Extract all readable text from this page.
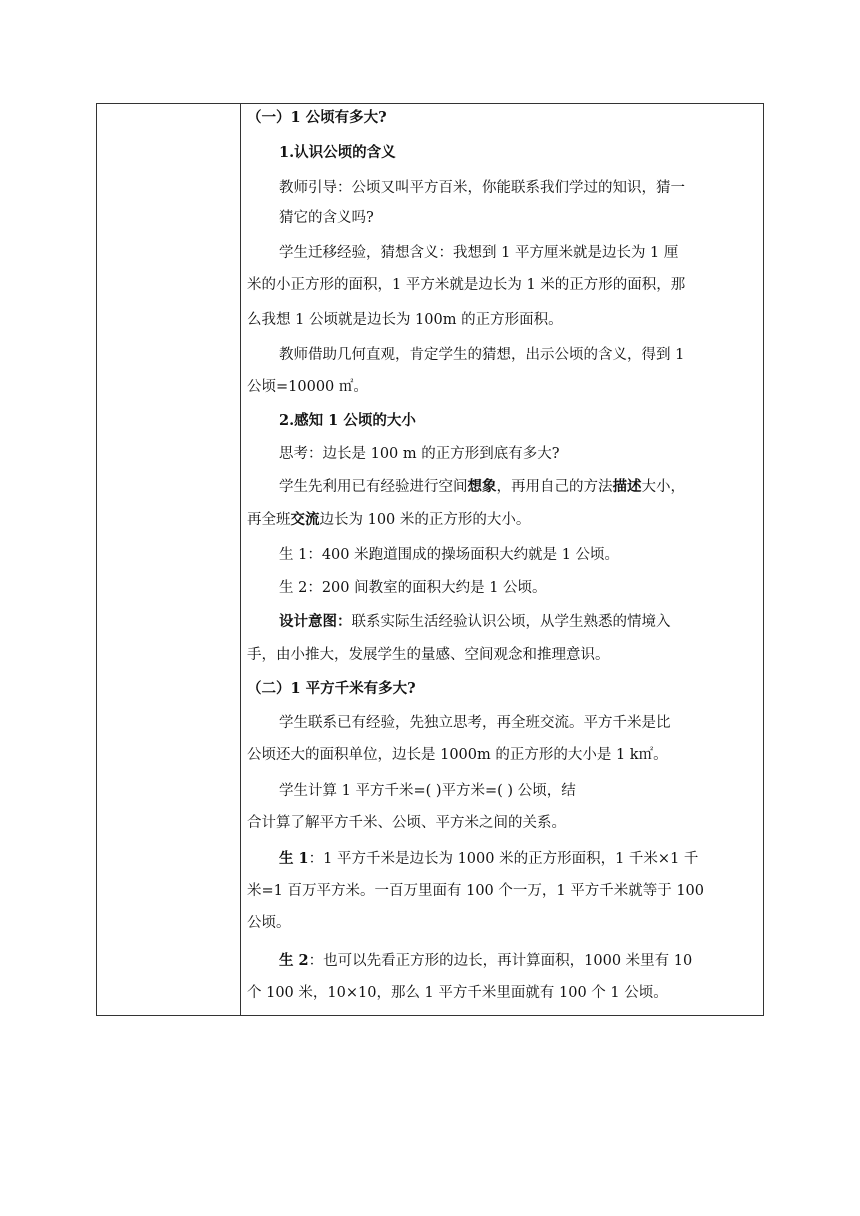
（一）1 公顷有多大?
1.认识公顷的含义
教师引导：公顷又叫平方百米，你能联系我们学过的知识，猜一
猜它的含义吗?
学生迁移经验，猜想含义：我想到 1 平方厘米就是边长为 1 厘
米的小正方形的面积，1 平方米就是边长为 1 米的正方形的面积，那
么我想 1 公顷就是边长为 100m 的正方形面积。
教师借助几何直观，肯定学生的猜想，出示公顷的含义，得到 1
公顷=10000 ㎡。
2.感知 1 公顷的大小
思考：边长是 100 m 的正方形到底有多大?
学生先利用已有经验进行空间想象，再用自己的方法描述大小，
再全班交流边长为 100 米的正方形的大小。
生 1：400 米跑道围成的操场面积大约就是 1 公顷。
生 2：200 间教室的面积大约是 1 公顷。
设计意图：联系实际生活经验认识公顷，从学生熟悉的情境入
手，由小推大，发展学生的量感、空间观念和推理意识。
（二）1 平方千米有多大?
学生联系已有经验，先独立思考，再全班交流。平方千米是比
公顷还大的面积单位，边长是 1000m 的正方形的大小是 1 k㎡。
学生计算 1 平方千米=( )平方米=( ) 公顷，结
合计算了解平方千米、公顷、平方米之间的关系。
生 1：1 平方千米是边长为 1000 米的正方形面积，1 千米×1 千
米=1 百万平方米。一百万里面有 100 个一万，1 平方千米就等于 100
公顷。
生 2：也可以先看正方形的边长，再计算面积，1000 米里有 10
个 100 米，10×10，那么 1 平方千米里面就有 100 个 1 公顷。
